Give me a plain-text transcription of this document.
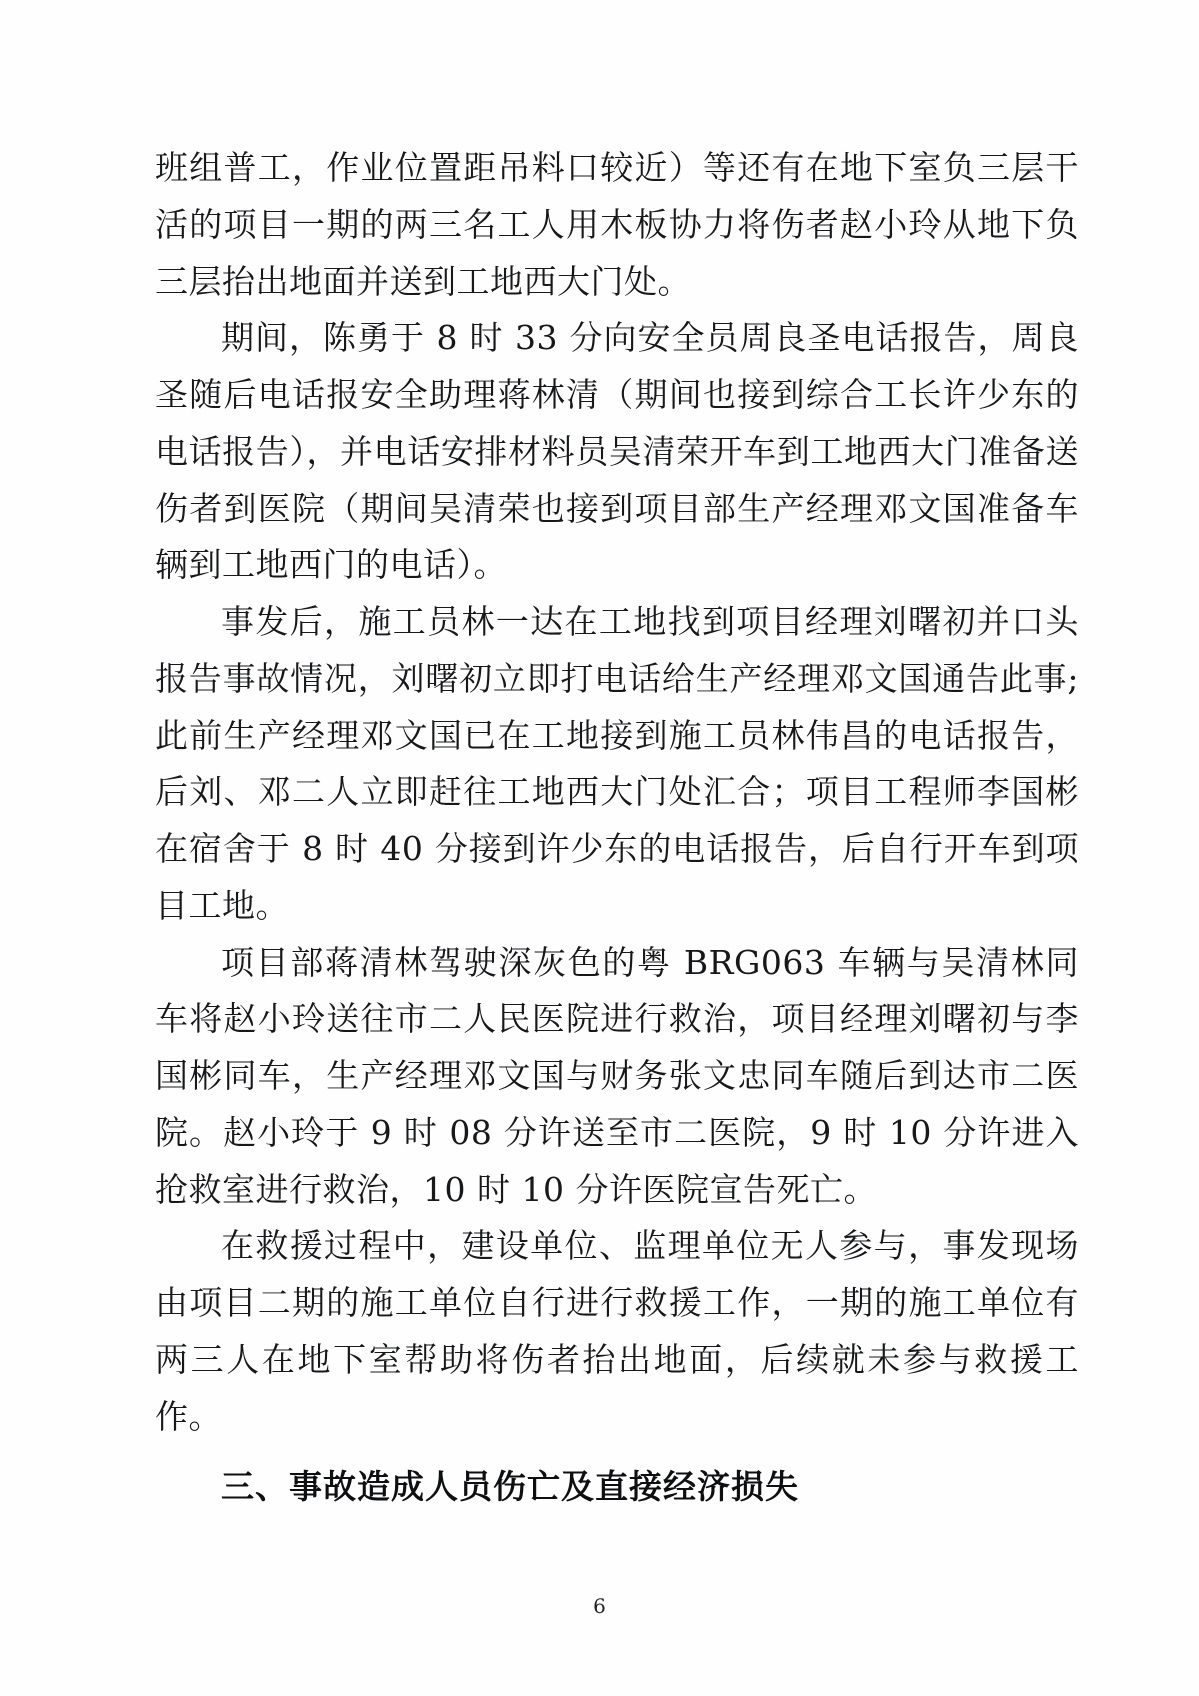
班组普工，作业位置距吊料口较近）等还有在地下室负三层干活的项目一期的两三名工人用木板协力将伤者赵小玲从地下负三层抬出地面并送到工地西大门处。

期间，陈勇于 8 时 33 分向安全员周良圣电话报告，周良圣随后电话报安全助理蒋林清（期间也接到综合工长许少东的电话报告），并电话安排材料员吴清荣开车到工地西大门准备送伤者到医院（期间吴清荣也接到项目部生产经理邓文国准备车辆到工地西门的电话）。

事发后，施工员林一达在工地找到项目经理刘曙初并口头报告事故情况，刘曙初立即打电话给生产经理邓文国通告此事;此前生产经理邓文国已在工地接到施工员林伟昌的电话报告，后刘、邓二人立即赶往工地西大门处汇合；项目工程师李国彬在宿舍于 8 时 40 分接到许少东的电话报告，后自行开车到项目工地。

项目部蒋清林驾驶深灰色的粤 BRG063 车辆与吴清林同车将赵小玲送往市二人民医院进行救治，项目经理刘曙初与李国彬同车，生产经理邓文国与财务张文忠同车随后到达市二医院。赵小玲于 9 时 08 分许送至市二医院，9 时 10 分许进入抢救室进行救治，10 时 10 分许医院宣告死亡。

在救援过程中，建设单位、监理单位无人参与，事发现场由项目二期的施工单位自行进行救援工作，一期的施工单位有两三人在地下室帮助将伤者抬出地面，后续就未参与救援工作。

三、事故造成人员伤亡及直接经济损失

6
